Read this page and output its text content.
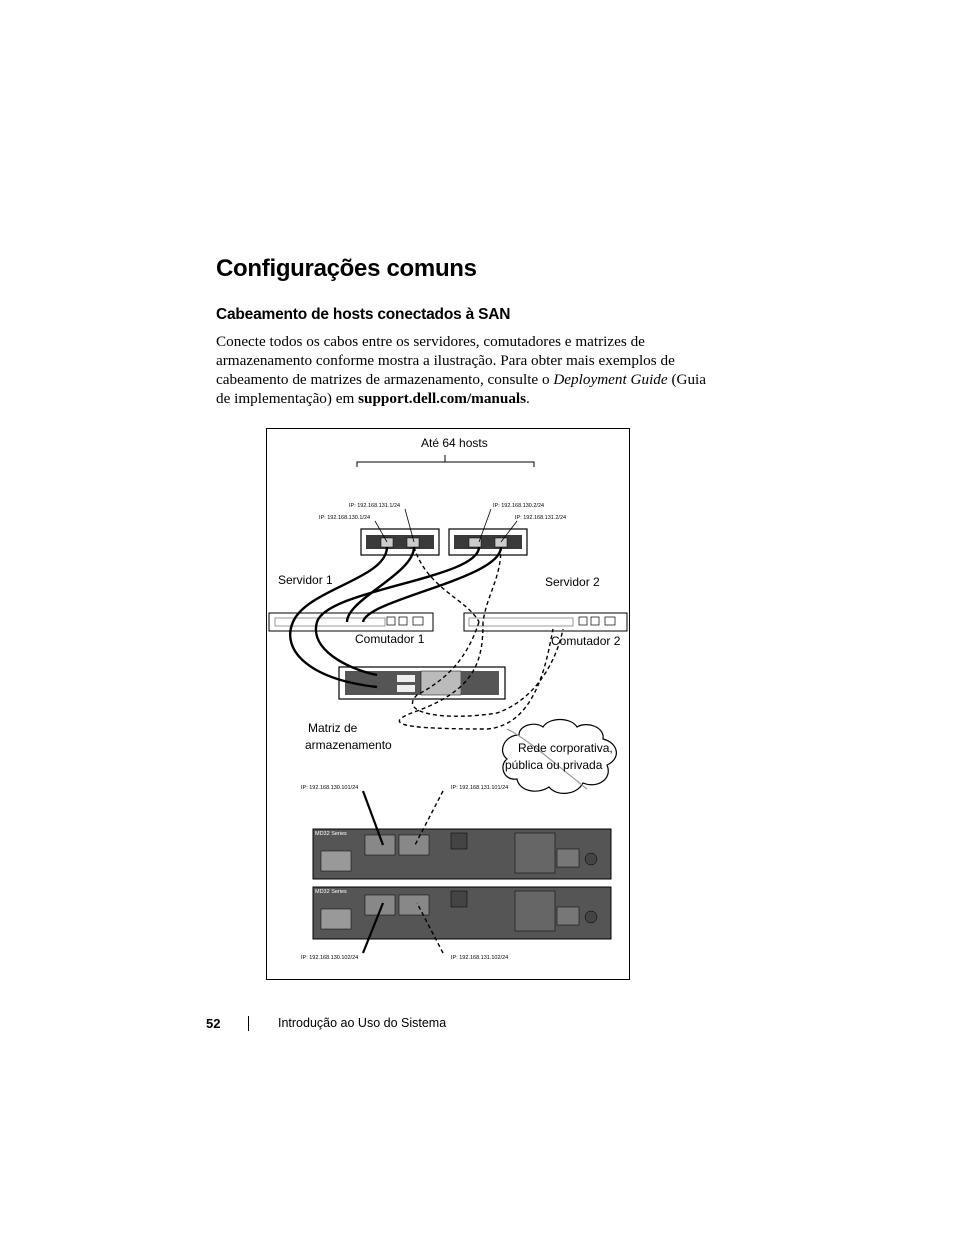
Configurações comuns
Cabeamento de hosts conectados à SAN

Conecte todos os cabos entre os servidores, comutadores e matrizes de armazenamento conforme mostra a ilustração. Para obter mais exemplos de cabeamento de matrizes de armazenamento, consulte o Deployment Guide (Guia de implementação) em support.dell.com/manuals.

Até 64 hosts
IP: 192.168.131.1/24
IP: 192.168.130.1/24
IP: 192.168.130.2/24
IP: 192.168.131.2/24
Servidor 1	Servidor 2
Comutador 1	Comutador 2
Matriz de
armazenamento	Rede corporativa,
pública ou privada
IP: 192.168.130.101/24	IP: 192.168.131.101/24
IP: 192.168.130.102/24	IP: 192.168.131.102/24
MD32 Series
MD32 Series
52	Introdução ao Uso do Sistema
